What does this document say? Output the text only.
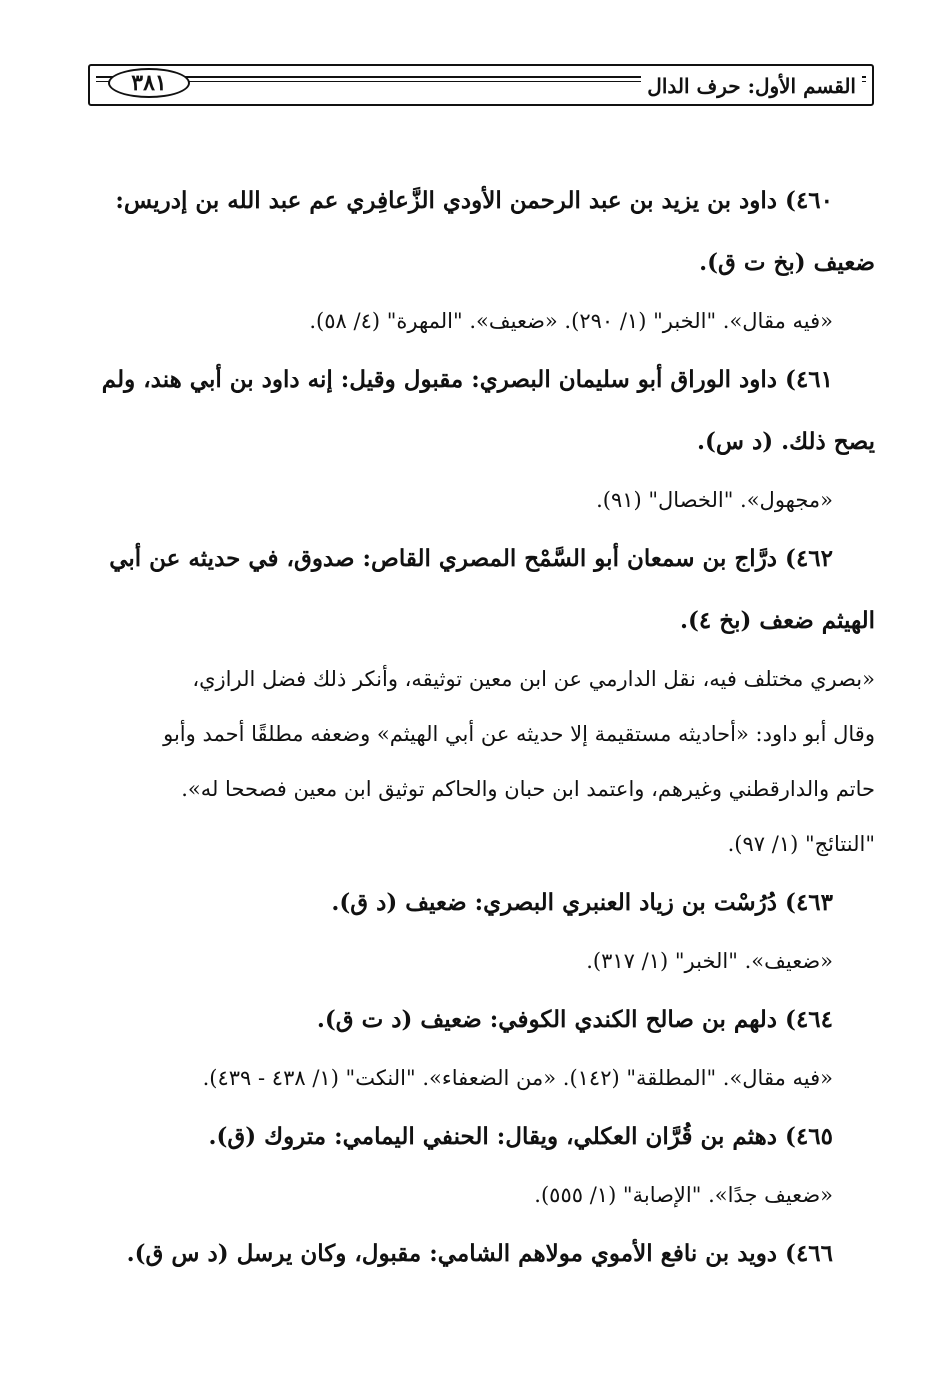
٣٨١	القسم الأول: حرف الدال
٤٦٠) داود بن يزيد بن عبد الرحمن الأودي الزَّعافِري عم عبد الله بن إدريس:
ضعيف (بخ ت ق).
«فيه مقال». "الخبر" (١/ ٢٩٠). «ضعيف». "المهرة" (٤/ ٥٨).
٤٦١) داود الوراق أبو سليمان البصري: مقبول وقيل: إنه داود بن أبي هند، ولم
يصح ذلك. (د س).
«مجهول». "الخصال" (٩١).
٤٦٢) درَّاج بن سمعان أبو السَّمْح المصري القاص: صدوق، في حديثه عن أبي
الهيثم ضعف (بخ ٤).
«بصري مختلف فيه، نقل الدارمي عن ابن معين توثيقه، وأنكر ذلك فضل الرازي،
وقال أبو داود: «أحاديثه مستقيمة إلا حديثه عن أبي الهيثم» وضعفه مطلقًا أحمد وأبو
حاتم والدارقطني وغيرهم، واعتمد ابن حبان والحاكم توثيق ابن معين فصححا له».
"النتائج" (١/ ٩٧).
٤٦٣) دُرُسْت بن زياد العنبري البصري: ضعيف (د ق).
«ضعيف». "الخبر" (١/ ٣١٧).
٤٦٤) دلهم بن صالح الكندي الكوفي: ضعيف (د ت ق).
«فيه مقال». "المطلقة" (١٤٢). «من الضعفاء». "النكت" (١/ ٤٣٨ - ٤٣٩).
٤٦٥) دهثم بن قُرَّان العكلي، ويقال: الحنفي اليمامي: متروك (ق).
«ضعيف جدًا». "الإصابة" (١/ ٥٥٥).
٤٦٦) دويد بن نافع الأموي مولاهم الشامي: مقبول، وكان يرسل (د س ق).
